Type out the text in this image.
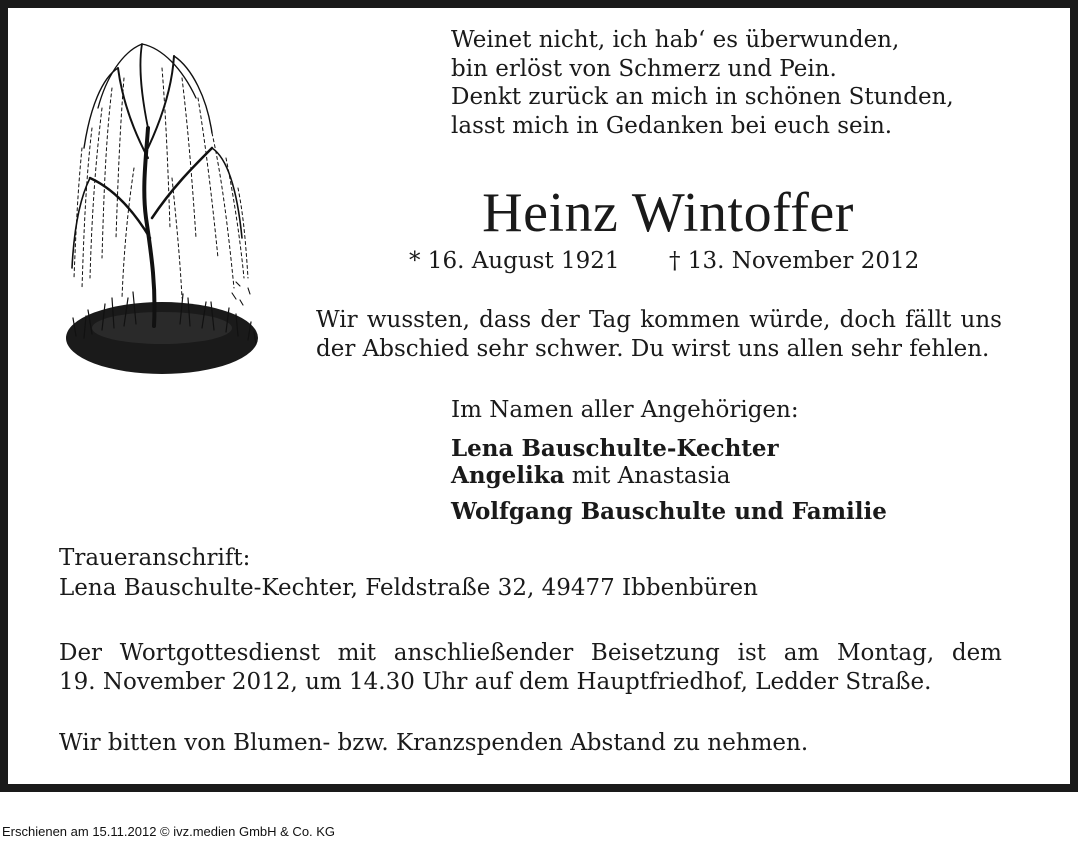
Weinet nicht, ich hab‘ es überwunden,
bin erlöst von Schmerz und Pein.
Denkt zurück an mich in schönen Stunden,
lasst mich in Gedanken bei euch sein.
Heinz Wintoffer
* 16. August 1921 † 13. November 2012

Wir wussten, dass der Tag kommen würde, doch fällt uns der Abschied sehr schwer. Du wirst uns allen sehr fehlen.

Im Namen aller Angehörigen:
Lena Bauschulte-Kechter
Angelika mit Anastasia
Wolfgang Bauschulte und Familie
Traueranschrift:
Lena Bauschulte-Kechter, Feldstraße 32, 49477 Ibbenbüren
Der Wortgottesdienst mit anschließender Beisetzung ist am Montag, dem
19. November 2012, um 14.30 Uhr auf dem Hauptfriedhof, Ledder Straße.
Wir bitten von Blumen- bzw. Kranzspenden Abstand zu nehmen.
Erschienen am 15.11.2012 © ivz.medien GmbH & Co. KG
